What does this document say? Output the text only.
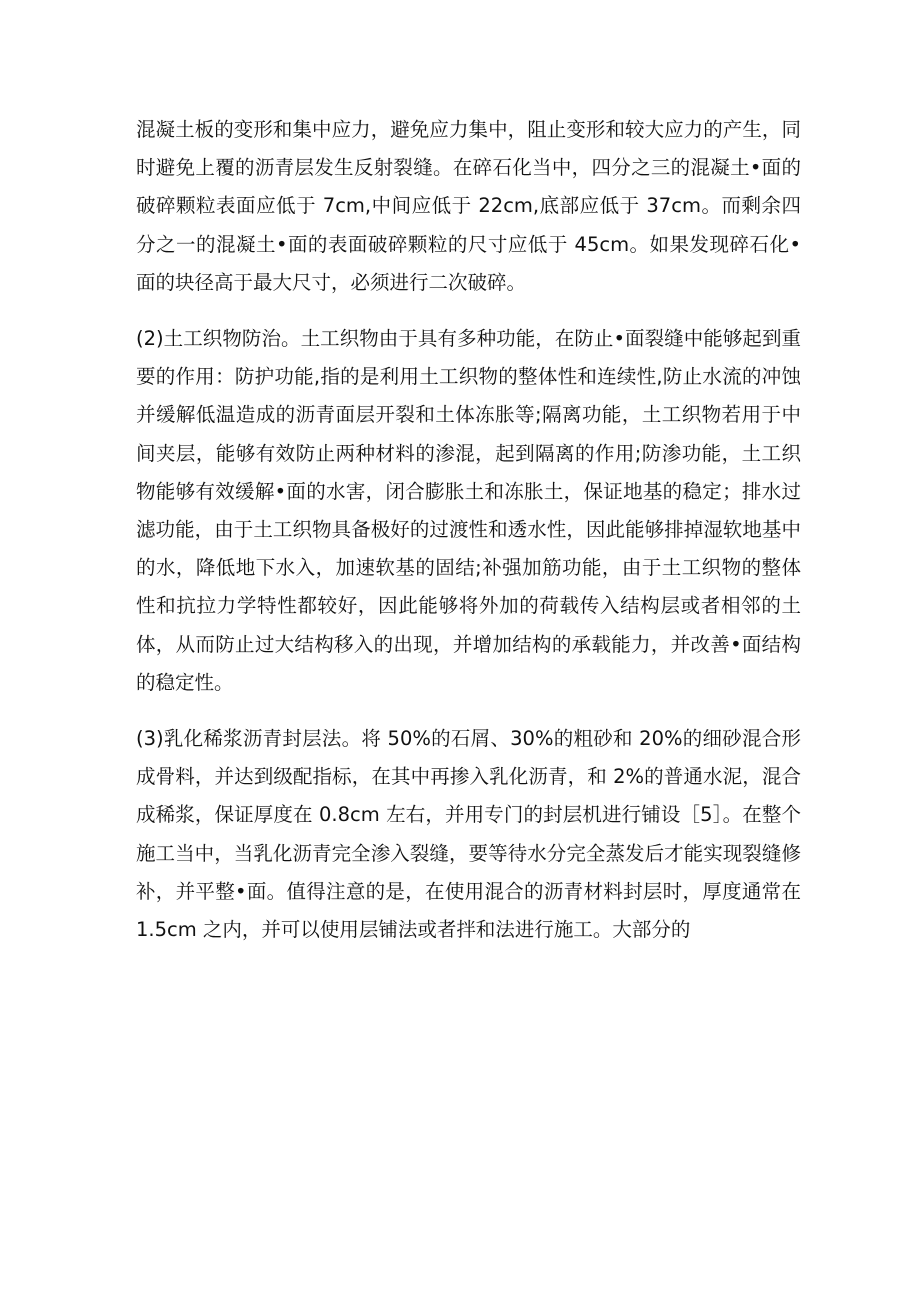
混凝土板的变形和集中应力，避免应力集中，阻止变形和较大应力的产生，同时避免上覆的沥青层发生反射裂缝。在碎石化当中，四分之三的混凝土•面的破碎颗粒表面应低于 7cm,中间应低于 22cm,底部应低于 37cm。而剩余四分之一的混凝土•面的表面破碎颗粒的尺寸应低于 45cm。如果发现碎石化•面的块径高于最大尺寸，必须进行二次破碎。

(2)土工织物防治。土工织物由于具有多种功能，在防止•面裂缝中能够起到重要的作用：防护功能,指的是利用土工织物的整体性和连续性,防止水流的冲蚀并缓解低温造成的沥青面层开裂和土体冻胀等;隔离功能，土工织物若用于中间夹层，能够有效防止两种材料的渗混，起到隔离的作用;防渗功能，土工织物能够有效缓解•面的水害，闭合膨胀土和冻胀土，保证地基的稳定；排水过滤功能，由于土工织物具备极好的过渡性和透水性，因此能够排掉湿软地基中的水，降低地下水入，加速软基的固结;补强加筋功能，由于土工织物的整体性和抗拉力学特性都较好，因此能够将外加的荷载传入结构层或者相邻的土体，从而防止过大结构移入的出现，并增加结构的承载能力，并改善•面结构的稳定性。

(3)乳化稀浆沥青封层法。将 50%的石屑、30%的粗砂和 20%的细砂混合形成骨料，并达到级配指标，在其中再掺入乳化沥青，和 2%的普通水泥，混合成稀浆，保证厚度在 0.8cm 左右，并用专门的封层机进行铺设［5］。在整个施工当中，当乳化沥青完全渗入裂缝，要等待水分完全蒸发后才能实现裂缝修补，并平整•面。值得注意的是，在使用混合的沥青材料封层时，厚度通常在 1.5cm 之内，并可以使用层铺法或者拌和法进行施工。大部分的
